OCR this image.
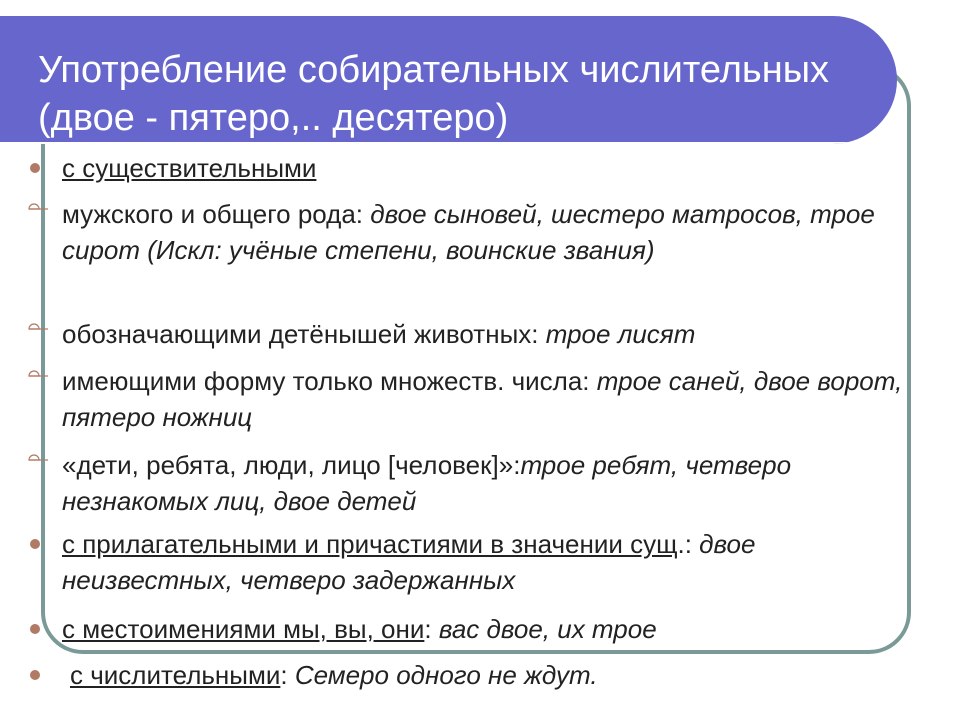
Употребление собирательных числительных
(двое - пятеро,.. десятеро)
с существительными
мужского и общего рода: двое сыновей, шестеро матросов, трое сирот (Искл: учёные степени, воинские звания)
обозначающими детёнышей животных: трое лисят
имеющими форму только множеств. числа: трое саней, двое ворот, пятеро ножниц
«дети, ребята, люди, лицо [человек]»:трое ребят, четверо незнакомых лиц, двое детей
с прилагательными и причастиями в значении сущ.: двое неизвестных, четверо задержанных
с местоимениями мы, вы, они: вас двое, их трое
с числительными: Семеро одного не ждут.
